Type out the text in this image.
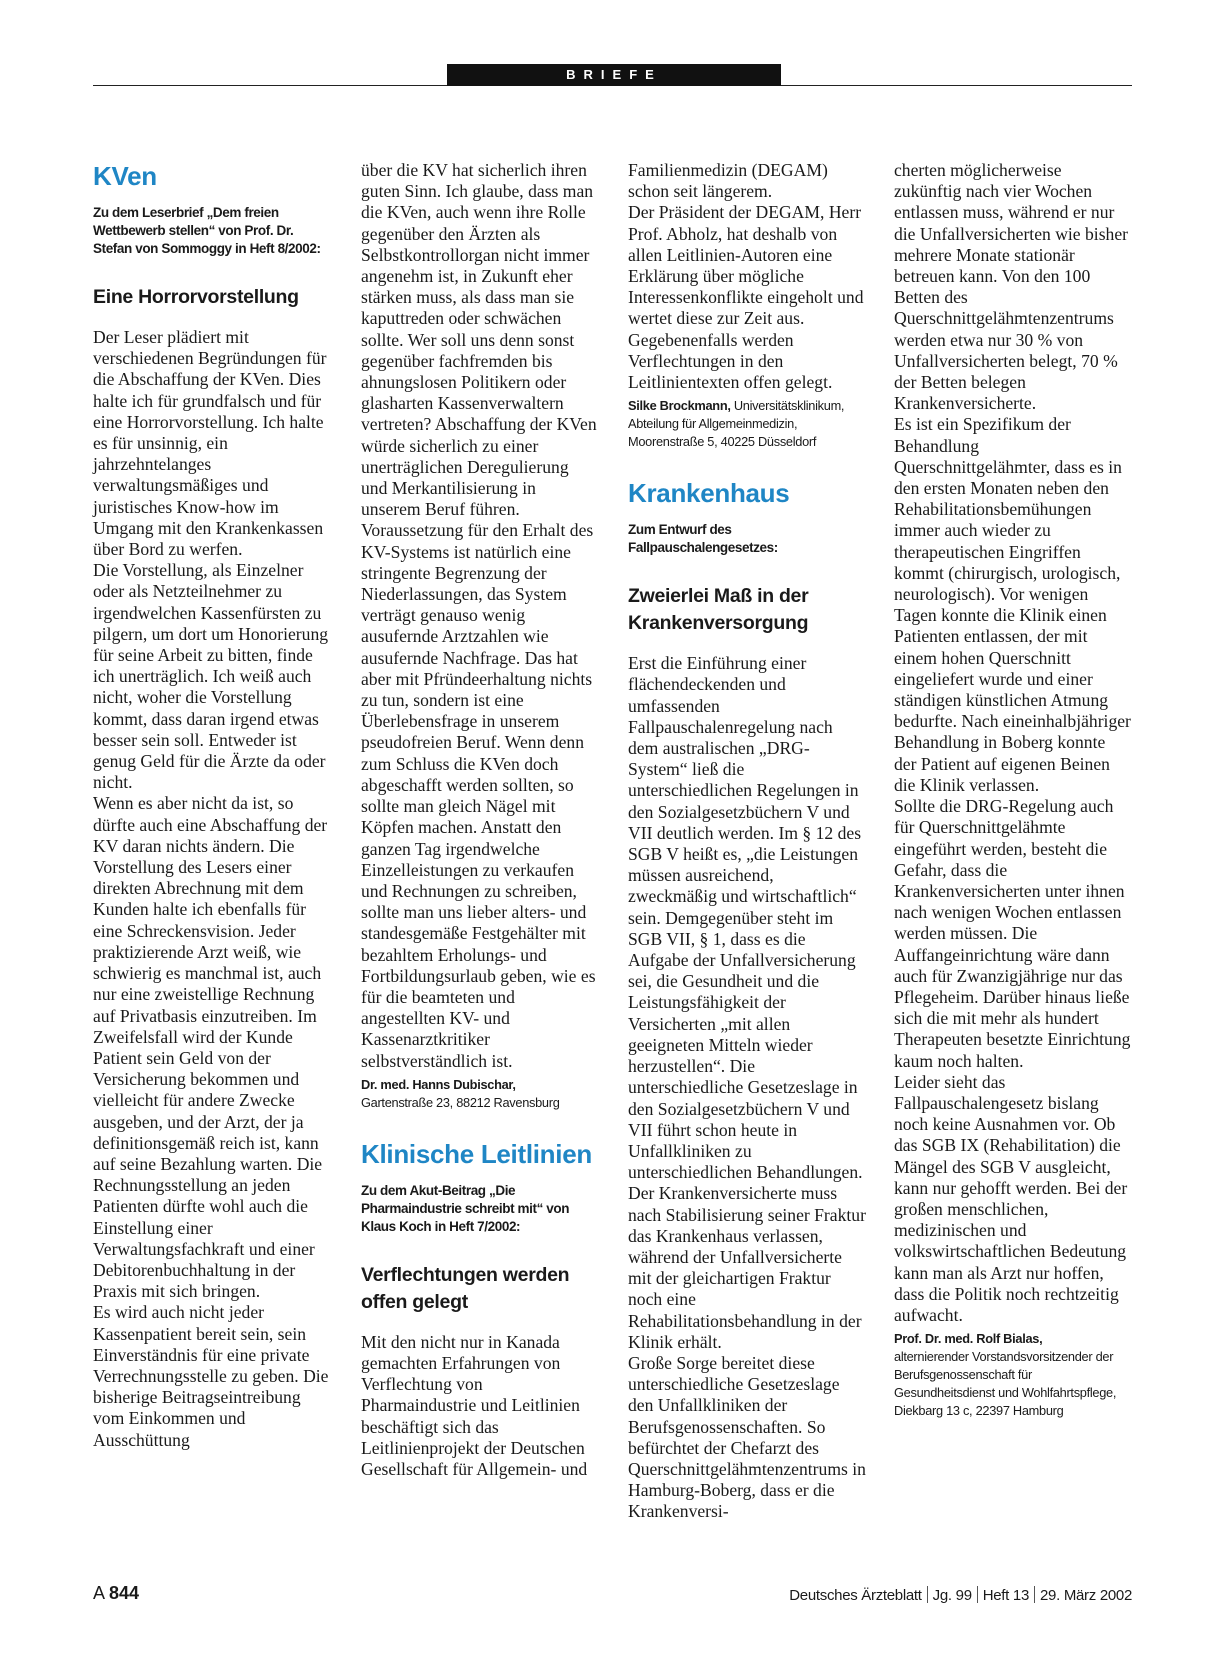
BRIEFE
KVen
Zu dem Leserbrief „Dem freien Wettbewerb stellen“ von Prof. Dr. Stefan von Sommoggy in Heft 8/2002:
Eine Horrorvorstellung

Der Leser plädiert mit verschiedenen Begründungen für die Abschaffung der KVen. Dies halte ich für grundfalsch und für eine Horrorvorstellung. Ich halte es für unsinnig, ein jahrzehntelanges verwaltungsmäßiges und juristisches Know-how im Umgang mit den Krankenkassen über Bord zu werfen.

Die Vorstellung, als Einzelner oder als Netzteilnehmer zu irgendwelchen Kassenfürsten zu pilgern, um dort um Honorierung für seine Arbeit zu bitten, finde ich unerträglich. Ich weiß auch nicht, woher die Vorstellung kommt, dass daran irgend etwas besser sein soll. Entweder ist genug Geld für die Ärzte da oder nicht.

Wenn es aber nicht da ist, so dürfte auch eine Abschaffung der KV daran nichts ändern. Die Vorstellung des Lesers einer direkten Abrechnung mit dem Kunden halte ich ebenfalls für eine Schreckensvision. Jeder praktizierende Arzt weiß, wie schwierig es manchmal ist, auch nur eine zweistellige Rechnung auf Privatbasis einzutreiben. Im Zweifelsfall wird der Kunde Patient sein Geld von der Versicherung bekommen und vielleicht für andere Zwecke ausgeben, und der Arzt, der ja definitionsgemäß reich ist, kann auf seine Bezahlung warten. Die Rechnungsstellung an jeden Patienten dürfte wohl auch die Einstellung einer Verwaltungsfachkraft und einer Debitorenbuchhaltung in der Praxis mit sich bringen.

Es wird auch nicht jeder Kassenpatient bereit sein, sein Einverständnis für eine private Verrechnungsstelle zu geben. Die bisherige Beitragseintreibung vom Einkommen und Ausschüttung

über die KV hat sicherlich ihren guten Sinn. Ich glaube, dass man die KVen, auch wenn ihre Rolle gegenüber den Ärzten als Selbstkontrollorgan nicht immer angenehm ist, in Zukunft eher stärken muss, als dass man sie kaputtreden oder schwächen sollte. Wer soll uns denn sonst gegenüber fachfremden bis ahnungslosen Politikern oder glasharten Kassenverwaltern vertreten? Abschaffung der KVen würde sicherlich zu einer unerträglichen Deregulierung und Merkantilisierung in unserem Beruf führen. Voraussetzung für den Erhalt des KV-Systems ist natürlich eine stringente Begrenzung der Niederlassungen, das System verträgt genauso wenig ausufernde Arztzahlen wie ausufernde Nachfrage. Das hat aber mit Pfründeerhaltung nichts zu tun, sondern ist eine Überlebensfrage in unserem pseudofreien Beruf. Wenn denn zum Schluss die KVen doch abgeschafft werden sollten, so sollte man gleich Nägel mit Köpfen machen. Anstatt den ganzen Tag irgendwelche Einzelleistungen zu verkaufen und Rechnungen zu schreiben, sollte man uns lieber alters- und standesgemäße Festgehälter mit bezahltem Erholungs- und Fortbildungsurlaub geben, wie es für die beamteten und angestellten KV- und Kassenarztkritiker selbstverständlich ist.

Dr. med. Hanns Dubischar,
Gartenstraße 23, 88212 Ravensburg
Klinische Leitlinien
Zu dem Akut-Beitrag „Die Pharmaindustrie schreibt mit“ von Klaus Koch in Heft 7/2002:
Verflechtungen werden offen gelegt

Mit den nicht nur in Kanada gemachten Erfahrungen von Verflechtung von Pharmaindustrie und Leitlinien beschäftigt sich das Leitlinienprojekt der Deutschen Gesellschaft für Allgemein- und

Familienmedizin (DEGAM) schon seit längerem.

Der Präsident der DEGAM, Herr Prof. Abholz, hat deshalb von allen Leitlinien-Autoren eine Erklärung über mögliche Interessenkonflikte eingeholt und wertet diese zur Zeit aus. Gegebenenfalls werden Verflechtungen in den Leitlinientexten offen gelegt.

Silke Brockmann, Universitätsklinikum, Abteilung für Allgemeinmedizin, Moorenstraße 5, 40225 Düsseldorf
Krankenhaus
Zum Entwurf des Fallpauschalengesetzes:
Zweierlei Maß in der Krankenversorgung

Erst die Einführung einer flächendeckenden und umfassenden Fallpauschalenregelung nach dem australischen „DRG-System“ ließ die unterschiedlichen Regelungen in den Sozialgesetzbüchern V und VII deutlich werden. Im § 12 des SGB V heißt es, „die Leistungen müssen ausreichend, zweckmäßig und wirtschaftlich“ sein. Demgegenüber steht im SGB VII, § 1, dass es die Aufgabe der Unfallversicherung sei, die Gesundheit und die Leistungsfähigkeit der Versicherten „mit allen geeigneten Mitteln wieder herzustellen“. Die unterschiedliche Gesetzeslage in den Sozialgesetzbüchern V und VII führt schon heute in Unfallkliniken zu unterschiedlichen Behandlungen. Der Krankenversicherte muss nach Stabilisierung seiner Fraktur das Krankenhaus verlassen, während der Unfallversicherte mit der gleichartigen Fraktur noch eine Rehabilitationsbehandlung in der Klinik erhält.

Große Sorge bereitet diese unterschiedliche Gesetzeslage den Unfallkliniken der Berufsgenossenschaften. So befürchtet der Chefarzt des Querschnittgelähmtenzentrums in Hamburg-Boberg, dass er die Krankenversi-

cherten möglicherweise zukünftig nach vier Wochen entlassen muss, während er nur die Unfallversicherten wie bisher mehrere Monate stationär betreuen kann. Von den 100 Betten des Querschnittgelähmtenzentrums werden etwa nur 30 % von Unfallversicherten belegt, 70 % der Betten belegen Krankenversicherte.

Es ist ein Spezifikum der Behandlung Querschnittgelähmter, dass es in den ersten Monaten neben den Rehabilitationsbemühungen immer auch wieder zu therapeutischen Eingriffen kommt (chirurgisch, urologisch, neurologisch). Vor wenigen Tagen konnte die Klinik einen Patienten entlassen, der mit einem hohen Querschnitt eingeliefert wurde und einer ständigen künstlichen Atmung bedurfte. Nach eineinhalbjähriger Behandlung in Boberg konnte der Patient auf eigenen Beinen die Klinik verlassen.

Sollte die DRG-Regelung auch für Querschnittgelähmte eingeführt werden, besteht die Gefahr, dass die Krankenversicherten unter ihnen nach wenigen Wochen entlassen werden müssen. Die Auffangeinrichtung wäre dann auch für Zwanzigjährige nur das Pflegeheim. Darüber hinaus ließe sich die mit mehr als hundert Therapeuten besetzte Einrichtung kaum noch halten.

Leider sieht das Fallpauschalengesetz bislang noch keine Ausnahmen vor. Ob das SGB IX (Rehabilitation) die Mängel des SGB V ausgleicht, kann nur gehofft werden. Bei der großen menschlichen, medizinischen und volkswirtschaftlichen Bedeutung kann man als Arzt nur hoffen, dass die Politik noch rechtzeitig aufwacht.

Prof. Dr. med. Rolf Bialas,
alternierender Vorstandsvorsitzender der Berufsgenossenschaft für Gesundheitsdienst und Wohlfahrtspflege, Diekbarg 13 c, 22397 Hamburg
A 844	Deutsches Ärzteblatt Jg. 99 Heft 13 29. März 2002
